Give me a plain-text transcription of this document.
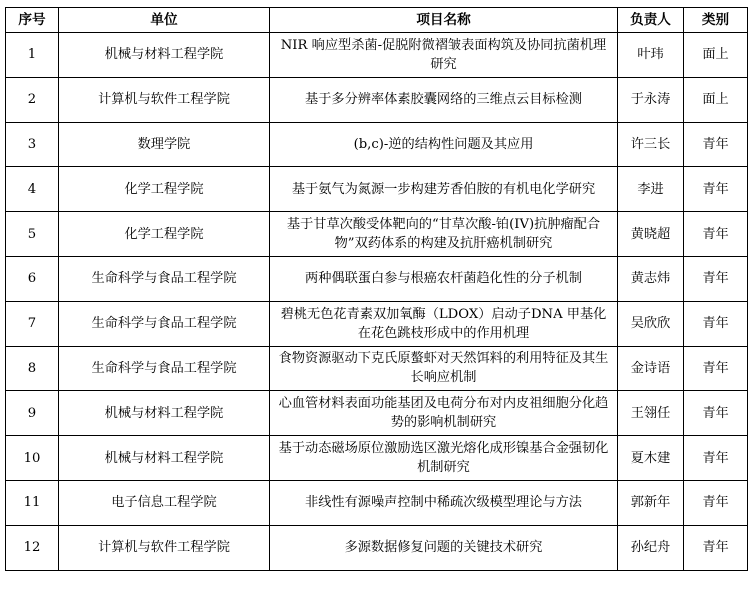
序号	单位	项目名称	负责人	类别
1	机械与材料工程学院	NIR 响应型杀菌-促脱附微褶皱表面构筑及协同抗菌机理研究	叶玮	面上
2	计算机与软件工程学院	基于多分辨率体素胶囊网络的三维点云目标检测	于永涛	面上
3	数理学院	(b,c)-逆的结构性问题及其应用	许三长	青年
4	化学工程学院	基于氨气为氮源一步构建芳香伯胺的有机电化学研究	李进	青年
5	化学工程学院	基于甘草次酸受体靶向的“甘草次酸-铂(IV)抗肿瘤配合物”双药体系的构建及抗肝癌机制研究	黄晓超	青年
6	生命科学与食品工程学院	两种偶联蛋白参与根癌农杆菌趋化性的分子机制	黄志炜	青年
7	生命科学与食品工程学院	碧桃无色花青素双加氧酶（LDOX）启动子DNA 甲基化在花色跳枝形成中的作用机理	吴欣欣	青年
8	生命科学与食品工程学院	食物资源驱动下克氏原螯虾对天然饵料的利用特征及其生长响应机制	金诗语	青年
9	机械与材料工程学院	心血管材料表面功能基团及电荷分布对内皮祖细胞分化趋势的影响机制研究	王翎任	青年
10	机械与材料工程学院	基于动态磁场原位激励选区激光熔化成形镍基合金强韧化机制研究	夏木建	青年
11	电子信息工程学院	非线性有源噪声控制中稀疏次级模型理论与方法	郭新年	青年
12	计算机与软件工程学院	多源数据修复问题的关键技术研究	孙纪舟	青年
